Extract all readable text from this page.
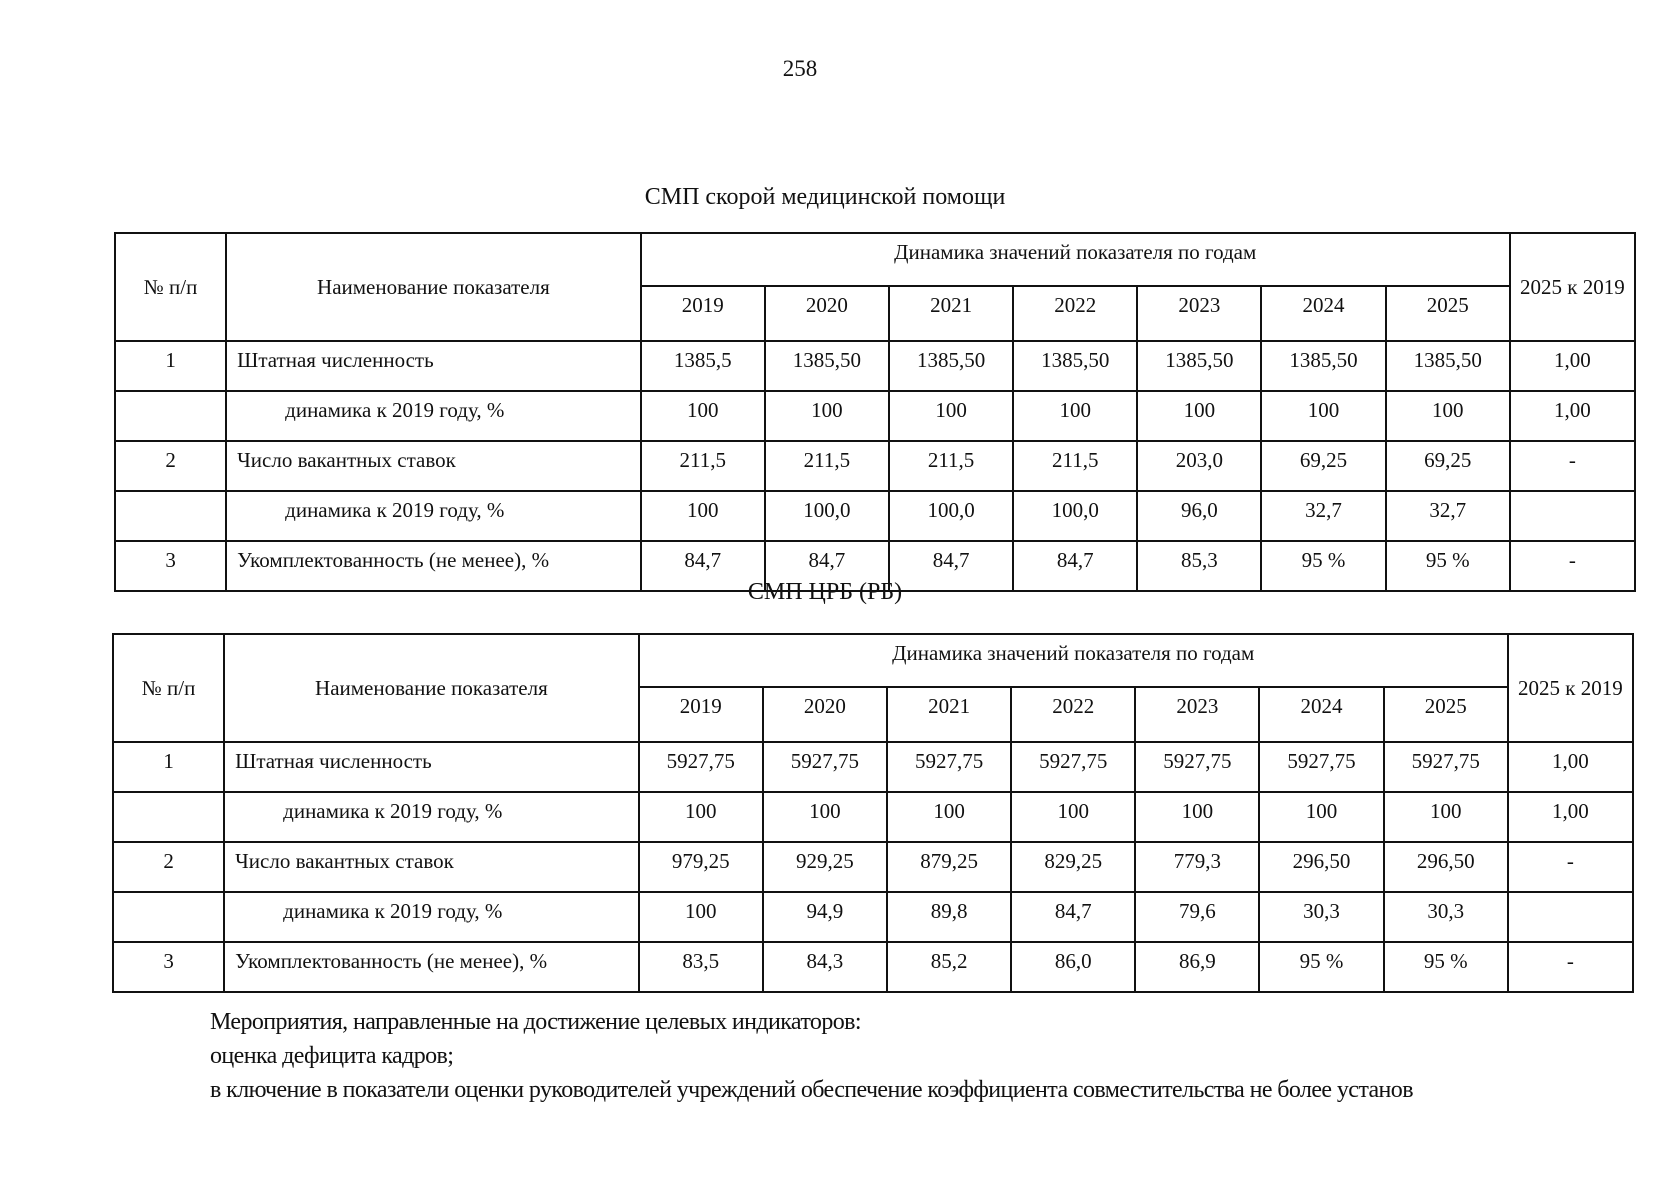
258
СМП скорой медицинской помощи
№ п/п	Наименование показателя	Динамика значений показателя по годам							2025 к 2019
		2019	2020	2021	2022	2023	2024	2025	
1	Штатная численность	1385,5	1385,50	1385,50	1385,50	1385,50	1385,50	1385,50	1,00
	динамика к 2019 году, %	100	100	100	100	100	100	100	1,00
2	Число вакантных ставок	211,5	211,5	211,5	211,5	203,0	69,25	69,25	-
	динамика к 2019 году, %	100	100,0	100,0	100,0	96,0	32,7	32,7	
3	Укомплектованность (не менее), %	84,7	84,7	84,7	84,7	85,3	95 %	95 %	-
СМП ЦРБ (РБ)
№ п/п	Наименование показателя	Динамика значений показателя по годам							2025 к 2019
		2019	2020	2021	2022	2023	2024	2025	
1	Штатная численность	5927,75	5927,75	5927,75	5927,75	5927,75	5927,75	5927,75	1,00
	динамика к 2019 году, %	100	100	100	100	100	100	100	1,00
2	Число вакантных ставок	979,25	929,25	879,25	829,25	779,3	296,50	296,50	-
	динамика к 2019 году, %	100	94,9	89,8	84,7	79,6	30,3	30,3	
3	Укомплектованность (не менее), %	83,5	84,3	85,2	86,0	86,9	95 %	95 %	-
Мероприятия, направленные на достижение целевых индикаторов:
оценка дефицита кадров;
в ключение в показатели оценки руководителей учреждений обеспечение коэффициента совместительства не более установ
